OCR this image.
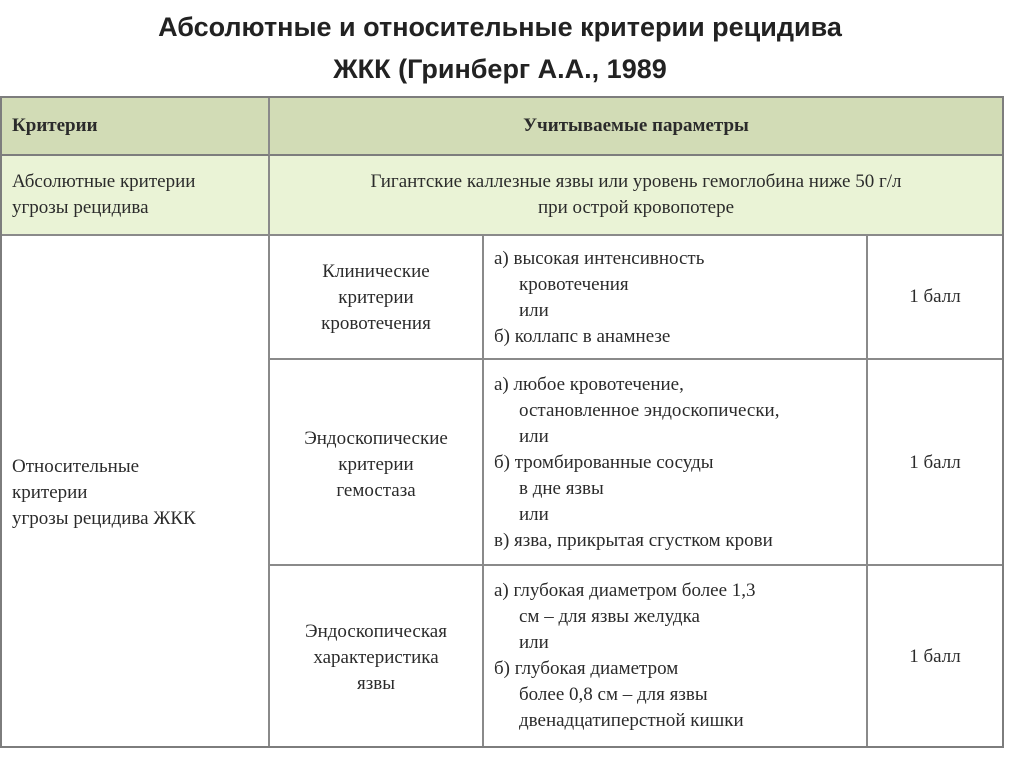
Абсолютные и относительные критерии рецидива
ЖКК (Гринберг А.А., 1989
Критерии	Учитываемые параметры
Абсолютные критерии
угрозы рецидива
Гигантские каллезные язвы или уровень гемоглобина ниже 50 г/л
при острой кровопотере
Относительные
критерии
угрозы рецидива ЖКК
Клинические
критерии
кровотечения
а) высокая интенсивность
кровотечения
или
б) коллапс в анамнезе
1 балл
Эндоскопические
критерии
гемостаза
а) любое кровотечение,
остановленное эндоскопически,
или
б) тромбированные сосуды
в дне язвы
или
в) язва, прикрытая сгустком крови
1 балл
Эндоскопическая
характеристика
язвы
а) глубокая диаметром более 1,3
см – для язвы желудка
или
б) глубокая диаметром
более 0,8 см – для язвы
двенадцатиперстной кишки
1 балл
